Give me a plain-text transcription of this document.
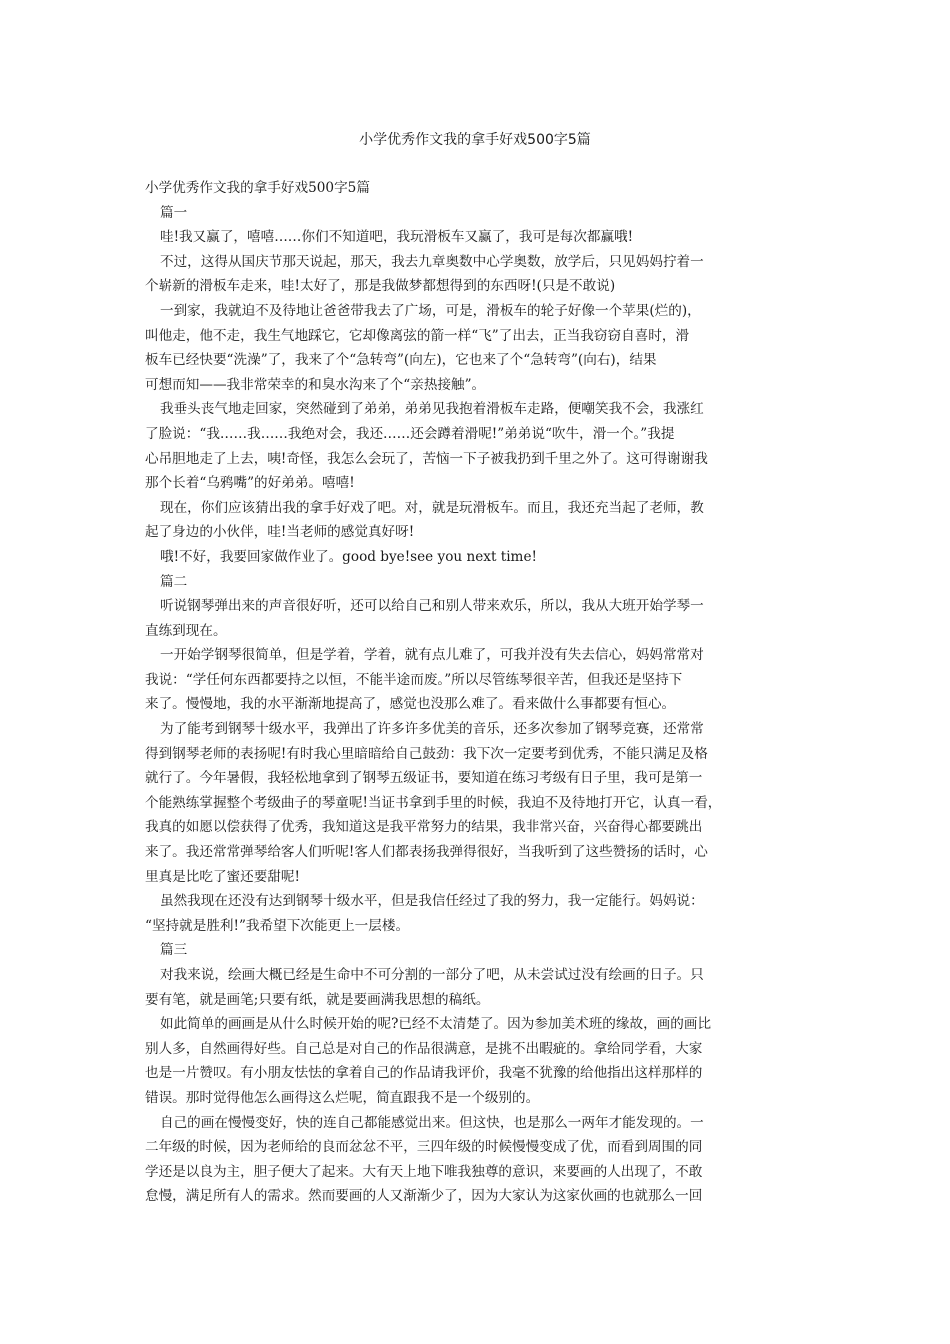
小学优秀作文我的拿手好戏500字5篇
小学优秀作文我的拿手好戏500字5篇
篇一
哇!我又赢了，嘻嘻……你们不知道吧，我玩滑板车又赢了，我可是每次都赢哦!
不过，这得从国庆节那天说起，那天，我去九章奥数中心学奥数，放学后，只见妈妈拧着一
个崭新的滑板车走来，哇!太好了，那是我做梦都想得到的东西呀!(只是不敢说)
一到家，我就迫不及待地让爸爸带我去了广场，可是，滑板车的轮子好像一个苹果(烂的)，
叫他走，他不走，我生气地踩它，它却像离弦的箭一样“飞”了出去，正当我窃窃自喜时，滑
板车已经快要“洗澡”了，我来了个“急转弯”(向左)，它也来了个“急转弯”(向右)，结果
可想而知——我非常荣幸的和臭水沟来了个“亲热接触”。
我垂头丧气地走回家，突然碰到了弟弟，弟弟见我抱着滑板车走路，便嘲笑我不会，我涨红
了脸说：“我……我……我绝对会，我还……还会蹲着滑呢!”弟弟说“吹牛，滑一个。”我提
心吊胆地走了上去，咦!奇怪，我怎么会玩了，苦恼一下子被我扔到千里之外了。这可得谢谢我
那个长着“乌鸦嘴”的好弟弟。嘻嘻!
现在，你们应该猜出我的拿手好戏了吧。对，就是玩滑板车。而且，我还充当起了老师，教
起了身边的小伙伴，哇!当老师的感觉真好呀!
哦!不好，我要回家做作业了。good bye!see you next time!
篇二
听说钢琴弹出来的声音很好听，还可以给自己和别人带来欢乐，所以，我从大班开始学琴一
直练到现在。
一开始学钢琴很简单，但是学着，学着，就有点儿难了，可我并没有失去信心，妈妈常常对
我说：“学任何东西都要持之以恒，不能半途而废。”所以尽管练琴很辛苦，但我还是坚持下
来了。慢慢地，我的水平渐渐地提高了，感觉也没那么难了。看来做什么事都要有恒心。
为了能考到钢琴十级水平，我弹出了许多许多优美的音乐，还多次参加了钢琴竞赛，还常常
得到钢琴老师的表扬呢!有时我心里暗暗给自己鼓劲：我下次一定要考到优秀，不能只满足及格
就行了。今年暑假，我轻松地拿到了钢琴五级证书，要知道在练习考级有日子里，我可是第一
个能熟练掌握整个考级曲子的琴童呢!当证书拿到手里的时候，我迫不及待地打开它，认真一看，
我真的如愿以偿获得了优秀，我知道这是我平常努力的结果，我非常兴奋，兴奋得心都要跳出
来了。我还常常弹琴给客人们听呢!客人们都表扬我弹得很好，当我听到了这些赞扬的话时，心
里真是比吃了蜜还要甜呢!
虽然我现在还没有达到钢琴十级水平，但是我信任经过了我的努力，我一定能行。妈妈说：
“坚持就是胜利!”我希望下次能更上一层楼。
篇三
对我来说，绘画大概已经是生命中不可分割的一部分了吧，从未尝试过没有绘画的日子。只
要有笔，就是画笔;只要有纸，就是要画满我思想的稿纸。
如此简单的画画是从什么时候开始的呢?已经不太清楚了。因为参加美术班的缘故，画的画比
别人多，自然画得好些。自己总是对自己的作品很满意，是挑不出暇疵的。拿给同学看，大家
也是一片赞叹。有小朋友怯怯的拿着自己的作品请我评价，我毫不犹豫的给他指出这样那样的
错误。那时觉得他怎么画得这么烂呢，简直跟我不是一个级别的。
自己的画在慢慢变好，快的连自己都能感觉出来。但这快，也是那么一两年才能发现的。一
二年级的时候，因为老师给的良而忿忿不平，三四年级的时候慢慢变成了优，而看到周围的同
学还是以良为主，胆子便大了起来。大有天上地下唯我独尊的意识，来要画的人出现了，不敢
怠慢，满足所有人的需求。然而要画的人又渐渐少了，因为大家认为这家伙画的也就那么一回
